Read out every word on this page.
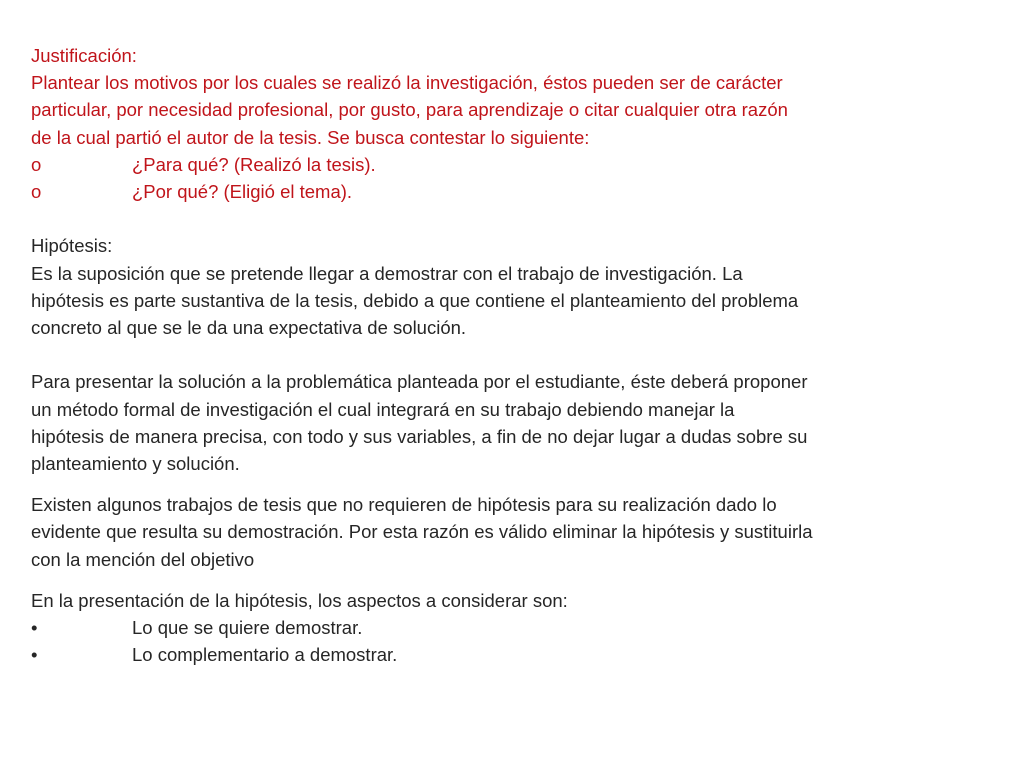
Justificación:

Plantear los motivos por los cuales se realizó la investigación, éstos pueden ser de carácter

particular, por necesidad profesional, por gusto, para aprendizaje o citar cualquier otra razón

de la cual partió el autor de la tesis. Se busca contestar lo siguiente:

o	¿Para qué? (Realizó la tesis).
o	¿Por qué? (Eligió el tema).

Hipótesis:

Es la suposición que se pretende llegar a demostrar con el trabajo de investigación. La

hipótesis es parte sustantiva de la tesis, debido a que contiene el planteamiento del problema

concreto al que se le da una expectativa de solución.

Para presentar la solución a la problemática planteada por el estudiante, éste deberá proponer

un método formal de investigación el cual integrará en su trabajo debiendo manejar la

hipótesis de manera precisa, con todo y sus variables, a fin de no dejar lugar a dudas sobre su

planteamiento y solución.

Existen algunos trabajos de tesis que no requieren de hipótesis para su realización dado lo

evidente que resulta su demostración. Por esta razón es válido eliminar la hipótesis y sustituirla

con la mención del objetivo

En la presentación de la hipótesis, los aspectos a considerar son:

•	Lo que se quiere demostrar.
•	Lo complementario a demostrar.
